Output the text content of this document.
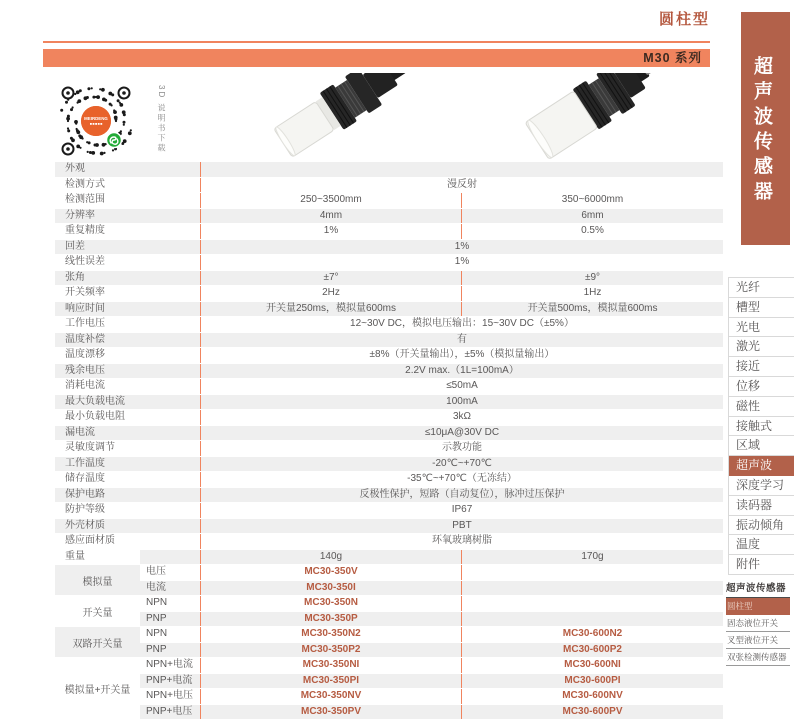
圆柱型
M30 系列	超声波传感器
光纤
槽型
光电
激光
接近
位移
磁性
接触式
区域
超声波
深度学习
读码器
振动倾角
温度
附件
超声波传感器
圆柱型
固态液位开关
叉型液位开关
双张检测传感器
MEIRDENG	3D 说明书下载
外观
检测方式	漫反射
检测范围	250~3500mm	350~6000mm
分辨率	4mm	6mm
重复精度	1%	0.5%
回差	1%
线性误差	1%
张角	±7°	±9°
开关频率	2Hz	1Hz
响应时间	开关量250ms，模拟量600ms	开关量500ms，模拟量600ms
工作电压	12~30V DC，模拟电压输出：15~30V DC（±5%）
温度补偿	有
温度漂移	±8%（开关量输出），±5%（模拟量输出）
残余电压	2.2V max.（1L=100mA）
消耗电流	≤50mA
最大负载电流	100mA
最小负载电阻	3kΩ
漏电流	≤10μA@30V DC
灵敏度调节	示教功能
工作温度	-20℃~+70℃
储存温度	-35℃~+70℃（无冻结）
保护电路	反极性保护，短路（自动复位），脉冲过压保护
防护等级	IP67
外壳材质	PBT
感应面材质	环氧玻璃树脂
重量	140g	170g
模拟量
电压	MC30-350V
电流	MC30-350I
开关量
NPN	MC30-350N
PNP	MC30-350P
双路开关量
NPN	MC30-350N2	MC30-600N2
PNP	MC30-350P2	MC30-600P2
模拟量+开关量
NPN+电流	MC30-350NI	MC30-600NI
PNP+电流	MC30-350PI	MC30-600PI
NPN+电压	MC30-350NV	MC30-600NV
PNP+电压	MC30-350PV	MC30-600PV
